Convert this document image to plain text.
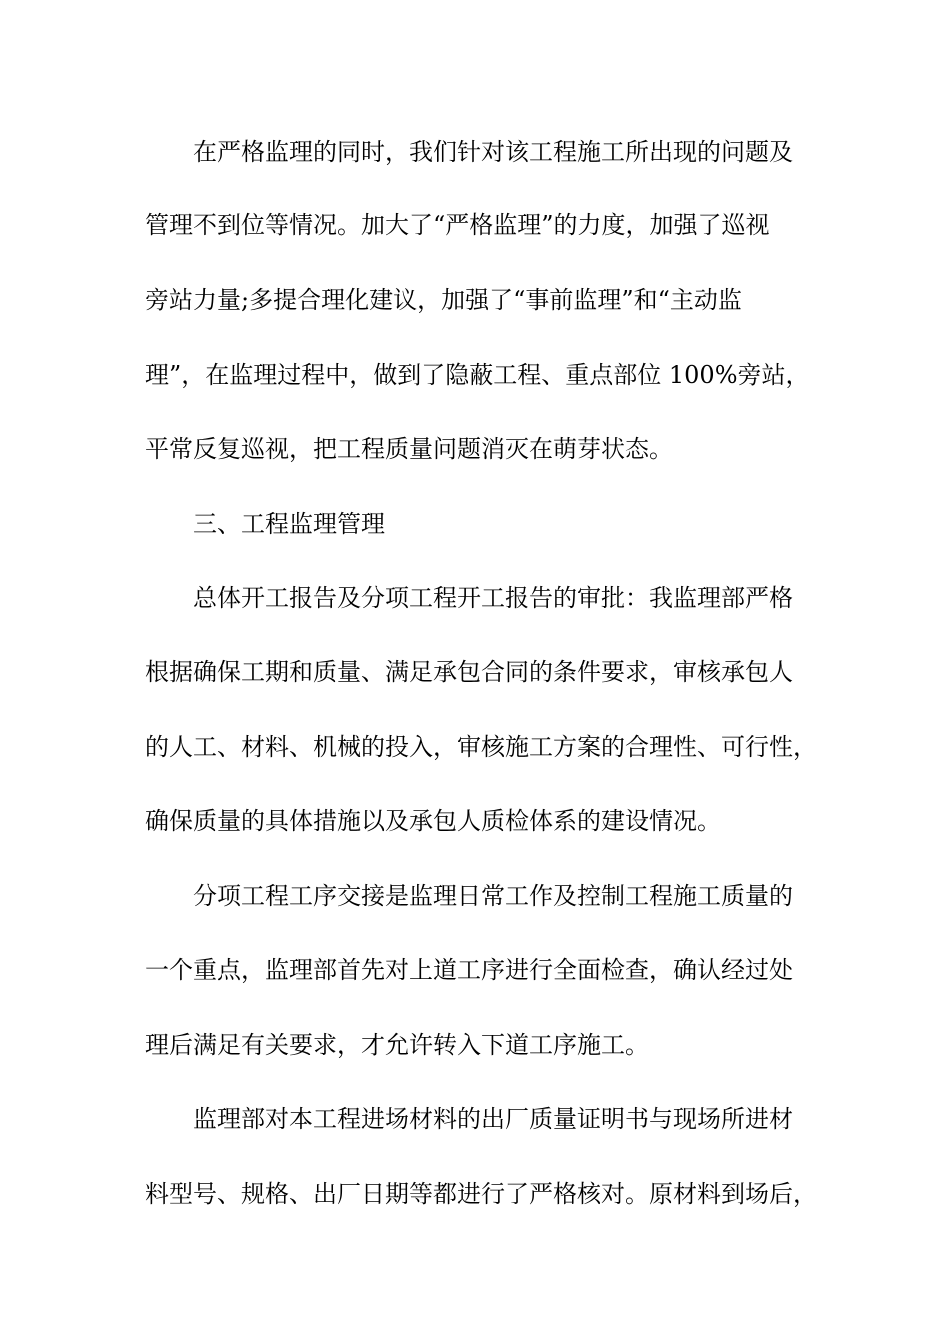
在严格监理的同时，我们针对该工程施工所出现的问题及

管理不到位等情况。加大了“严格监理”的力度，加强了巡视

旁站力量;多提合理化建议，加强了“事前监理”和“主动监

理”，在监理过程中，做到了隐蔽工程、重点部位 100%旁站，

平常反复巡视，把工程质量问题消灭在萌芽状态。

三、工程监理管理

总体开工报告及分项工程开工报告的审批：我监理部严格

根据确保工期和质量、满足承包合同的条件要求，审核承包人

的人工、材料、机械的投入，审核施工方案的合理性、可行性，

确保质量的具体措施以及承包人质检体系的建设情况。

分项工程工序交接是监理日常工作及控制工程施工质量的

一个重点，监理部首先对上道工序进行全面检查，确认经过处

理后满足有关要求，才允许转入下道工序施工。

监理部对本工程进场材料的出厂质量证明书与现场所进材

料型号、规格、出厂日期等都进行了严格核对。原材料到场后，
